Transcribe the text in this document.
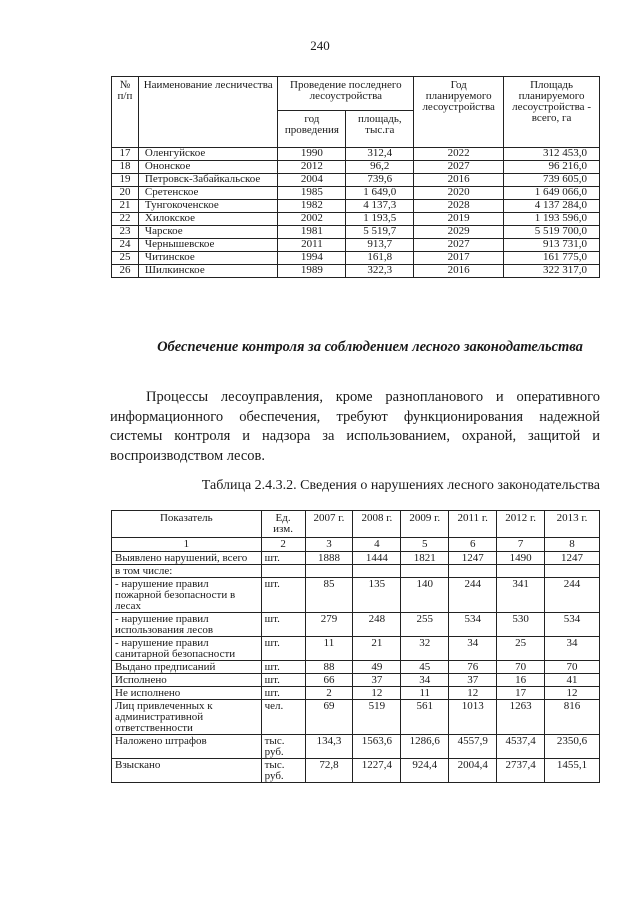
240
№ п/п	Наименование лесничества	Проведение последнего лесоустройства		Год планируемого лесоустройства	Площадь планируемого лесоустройства - всего, га
		год проведения	площадь, тыс.га		
17	Оленгуйское	1990	312,4	2022	312 453,0
18	Ононское	2012	96,2	2027	96 216,0
19	Петровск-Забайкальское	2004	739,6	2016	739 605,0
20	Сретенское	1985	1 649,0	2020	1 649 066,0
21	Тунгокоченское	1982	4 137,3	2028	4 137 284,0
22	Хилокское	2002	1 193,5	2019	1 193 596,0
23	Чарское	1981	5 519,7	2029	5 519 700,0
24	Чернышевское	2011	913,7	2027	913 731,0
25	Читинское	1994	161,8	2017	161 775,0
26	Шилкинское	1989	322,3	2016	322 317,0
Обеспечение контроля за соблюдением лесного законодательства
Процессы лесоуправления, кроме разнопланового и оперативного информационного обеспечения, требуют функционирования надежной системы контроля и надзора за использованием, охраной, защитой и воспроизводством лесов.
Таблица 2.4.3.2. Сведения о нарушениях лесного законодательства
Показатель	Ед. изм.	2007 г.	2008 г.	2009 г.	2011 г.	2012 г.	2013 г.
1	2	3	4	5	6	7	8
Выявлено нарушений, всего	шт.	1888	1444	1821	1247	1490	1247
в том числе:							
- нарушение правил пожарной безопасности в лесах	шт.	85	135	140	244	341	244
- нарушение правил использования лесов	шт.	279	248	255	534	530	534
- нарушение правил санитарной безопасности	шт.	11	21	32	34	25	34
Выдано предписаний	шт.	88	49	45	76	70	70
Исполнено	шт.	66	37	34	37	16	41
Не исполнено	шт.	2	12	11	12	17	12
Лиц привлеченных к административной ответственности	чел.	69	519	561	1013	1263	816
Наложено штрафов	тыс. руб.	134,3	1563,6	1286,6	4557,9	4537,4	2350,6
Взыскано	тыс. руб.	72,8	1227,4	924,4	2004,4	2737,4	1455,1
